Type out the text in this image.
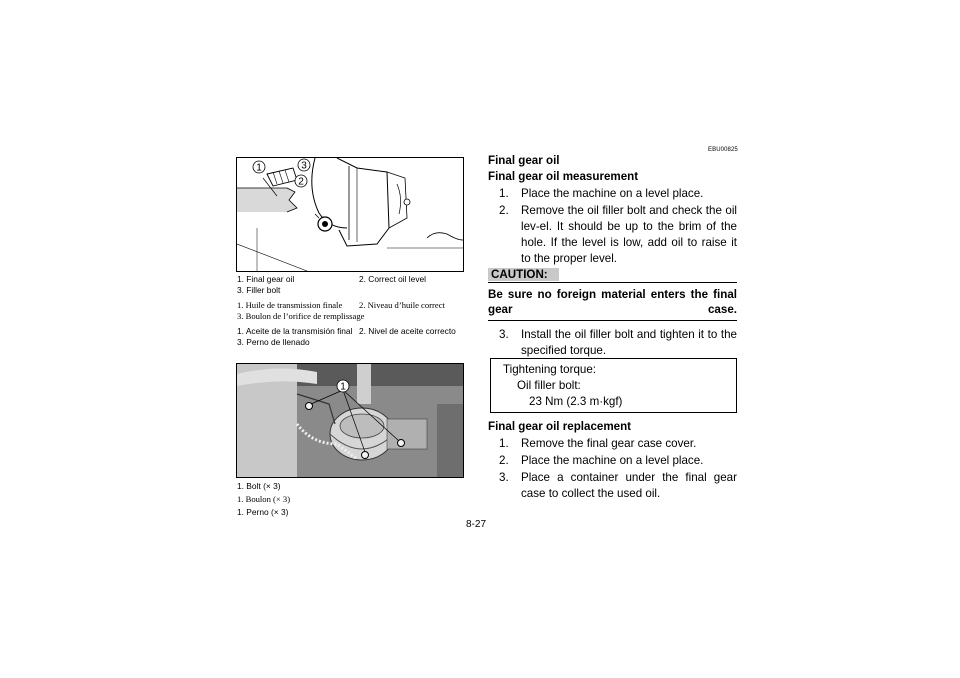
1	3
2
1. Final gear oil	2. Correct oil level
3. Filler bolt
1. Huile de transmission finale 2. Niveau d’huile correct
3. Boulon de l’orifice de remplissage
1. Aceite de la transmisión final 2. Nivel de aceite correcto
3. Perno de llenado
1
1. Bolt (× 3)
1. Boulon (× 3)
1. Perno (× 3)
EBU00825
Final gear oil
Final gear oil measurement
1. Place the machine on a level place.
2. Remove the oil filler bolt and check the oil lev-el. It should be up to the brim of the hole. If the level is low, add oil to raise it to the proper level.
CAUTION:
Be sure no foreign material enters the final gear case.
3. Install the oil filler bolt and tighten it to the specified torque.
Tightening torque:
Oil filler bolt:
23 Nm (2.3 m·kgf)
Final gear oil replacement
1. Remove the final gear case cover.
2. Place the machine on a level place.
3. Place a container under the final gear case to collect the used oil.
8-27
